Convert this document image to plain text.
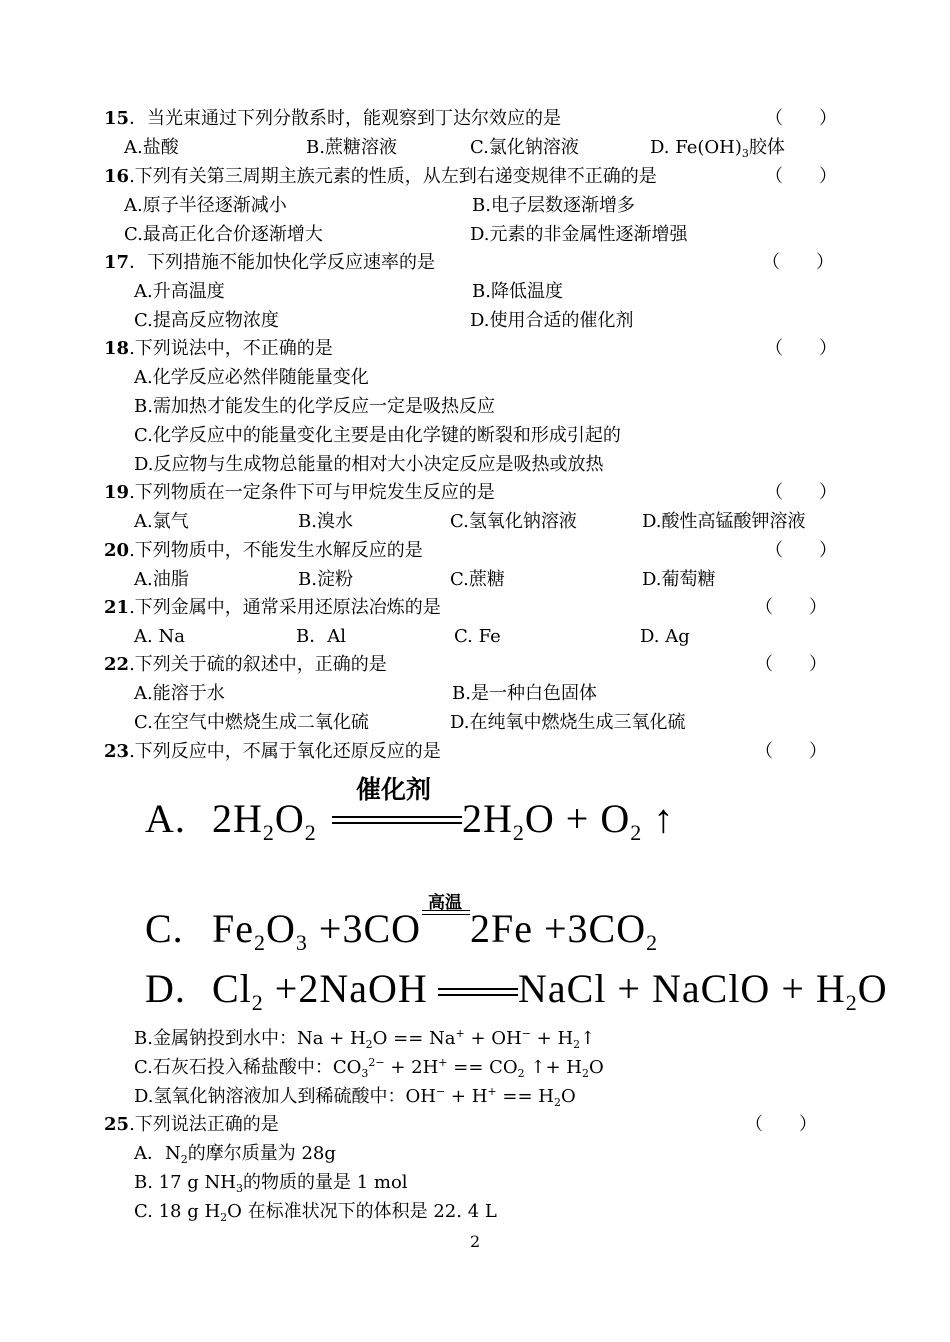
15．当光束通过下列分散系时，能观察到丁达尔效应的是	（　　）
A.盐酸	B.蔗糖溶液	C.氯化钠溶液	D. $Fe(OH)_3$胶体
16.下列有关第三周期主族元素的性质，从左到右递变规律不正确的是	（　　）
A.原子半径逐渐减小	B.电子层数逐渐增多
C.最高正化合价逐渐增大	D.元素的非金属性逐渐增强
17．下列措施不能加快化学反应速率的是	（　　）
A.升高温度	B.降低温度
C.提高反应物浓度	D.使用合适的催化剂
18.下列说法中，不正确的是	（　　）
A.化学反应必然伴随能量变化
B.需加热才能发生的化学反应一定是吸热反应
C.化学反应中的能量变化主要是由化学键的断裂和形成引起的
D.反应物与生成物总能量的相对大小决定反应是吸热或放热
19.下列物质在一定条件下可与甲烷发生反应的是	（　　）
A.氯气	B.溴水	C.氢氧化钠溶液	D.酸性高锰酸钾溶液
20.下列物质中，不能发生水解反应的是	（　　）
A.油脂	B.淀粉	C.蔗糖	D.葡萄糖
21.下列金属中，通常采用还原法冶炼的是	（　　）
A. Na	B．Al	C. Fe	D. Ag
22.下列关于硫的叙述中，正确的是	（　　）
A.能溶于水	B.是一种白色固体
C.在空气中燃烧生成二氧化硫	D.在纯氧中燃烧生成三氧化硫
23.下列反应中，不属于氧化还原反应的是	（　　）
A. $2H_2O_2$
催化剂
$2H_2O + O_2$ ↑
C. $Fe_2O_3 +3CO$
高温
$2Fe +3CO_2$
D. $Cl_2$ +2NaOH NaCl + NaClO + $H_2O$
B.金属钠投到水中：$Na + H_2O == Na^+ + OH^-$ + $H_2↑$
C.石灰石投入稀盐酸中：$CO_3^{2-} + 2H^+ == CO_2$ ↑+ $H_2O$
D.氢氧化钠溶液加人到稀硫酸中：$OH^- + H^+ == H_2O$
25.下列说法正确的是	（　　）
A．$N_2$的摩尔质量为 28g
B. 17 g $NH_3$的物质的量是 1 mol
C. 18 g $H_2O$ 在标准状况下的体积是 22. 4 L
2
